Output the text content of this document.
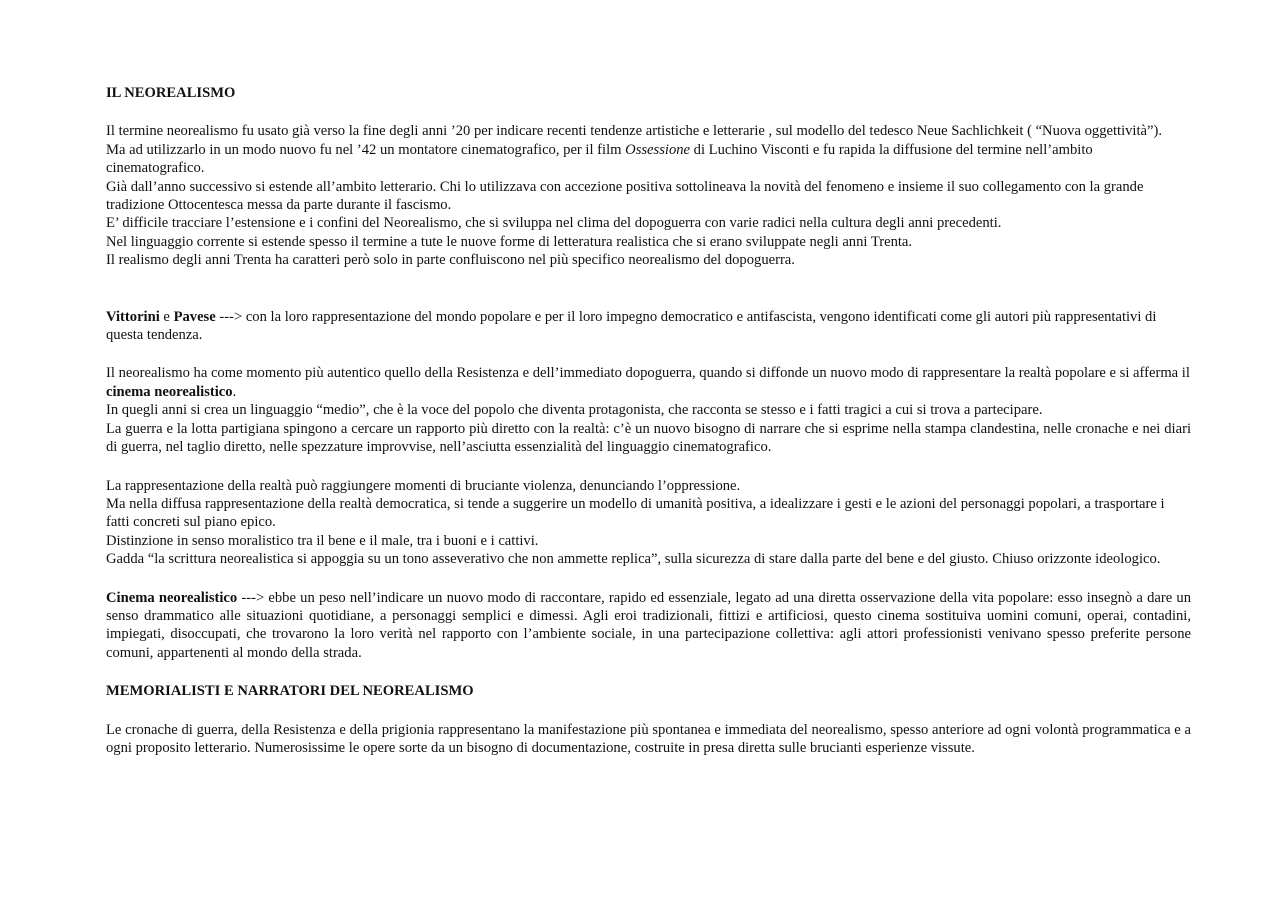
IL NEOREALISMO

Il termine neorealismo fu usato già verso la fine degli anni ’20 per indicare recenti tendenze artistiche e letterarie , sul modello del tedesco Neue Sachlichkeit ( “Nuova oggettività”).

Ma ad utilizzarlo in un modo nuovo fu nel ’42 un montatore cinematografico, per il film Ossessione di Luchino Visconti e fu rapida la diffusione del termine nell’ambito cinematografico.

Già dall’anno successivo si estende all’ambito letterario. Chi lo utilizzava con accezione positiva sottolineava la novità del fenomeno e insieme il suo collegamento con la grande tradizione Ottocentesca messa da parte durante il fascismo.

E’ difficile tracciare l’estensione e i confini del Neorealismo, che si sviluppa nel clima del dopoguerra con varie radici nella cultura degli anni precedenti.

Nel linguaggio corrente si estende spesso il termine a tute le nuove forme di letteratura realistica che si erano sviluppate negli anni Trenta.

Il realismo degli anni Trenta ha caratteri però solo in parte confluiscono nel più specifico neorealismo del dopoguerra.

Vittorini e Pavese ---> con la loro rappresentazione del mondo popolare e per il loro impegno democratico e antifascista, vengono identificati come gli autori più rappresentativi di questa tendenza.

Il neorealismo ha come momento più autentico quello della Resistenza e dell’immediato dopoguerra, quando si diffonde un nuovo modo di rappresentare la realtà popolare e si afferma il cinema neorealistico.

In quegli anni si crea un linguaggio “medio”, che è la voce del popolo che diventa protagonista, che racconta se stesso e i fatti tragici a cui si trova a partecipare.

La guerra e la lotta partigiana spingono a cercare un rapporto più diretto con la realtà: c’è un nuovo bisogno di narrare che si esprime nella stampa clandestina, nelle cronache e nei diari di guerra, nel taglio diretto, nelle spezzature improvvise, nell’asciutta essenzialità del linguaggio cinematografico.

La rappresentazione della realtà può raggiungere momenti di bruciante violenza, denunciando l’oppressione.

Ma nella diffusa rappresentazione della realtà democratica, si tende a suggerire un modello di umanità positiva, a idealizzare i gesti e le azioni del personaggi popolari, a trasportare i fatti concreti sul piano epico.

Distinzione in senso moralistico tra il bene e il male, tra i buoni e i cattivi.

Gadda “la scrittura neorealistica si appoggia su un tono asseverativo che non ammette replica”, sulla sicurezza di stare dalla parte del bene e del giusto. Chiuso orizzonte ideologico.

Cinema neorealistico ---> ebbe un peso nell’indicare un nuovo modo di raccontare, rapido ed essenziale, legato ad una diretta osservazione della vita popolare: esso insegnò a dare un senso drammatico alle situazioni quotidiane, a personaggi semplici e dimessi. Agli eroi tradizionali, fittizi e artificiosi, questo cinema sostituiva uomini comuni, operai, contadini, impiegati, disoccupati, che trovarono la loro verità nel rapporto con l’ambiente sociale, in una partecipazione collettiva: agli attori professionisti venivano spesso preferite persone comuni, appartenenti al mondo della strada.

MEMORIALISTI E NARRATORI DEL NEOREALISMO

Le cronache di guerra, della Resistenza e della prigionia rappresentano la manifestazione più spontanea e immediata del neorealismo, spesso anteriore ad ogni volontà programmatica e a ogni proposito letterario. Numerosissime le opere sorte da un bisogno di documentazione, costruite in presa diretta sulle brucianti esperienze vissute.
